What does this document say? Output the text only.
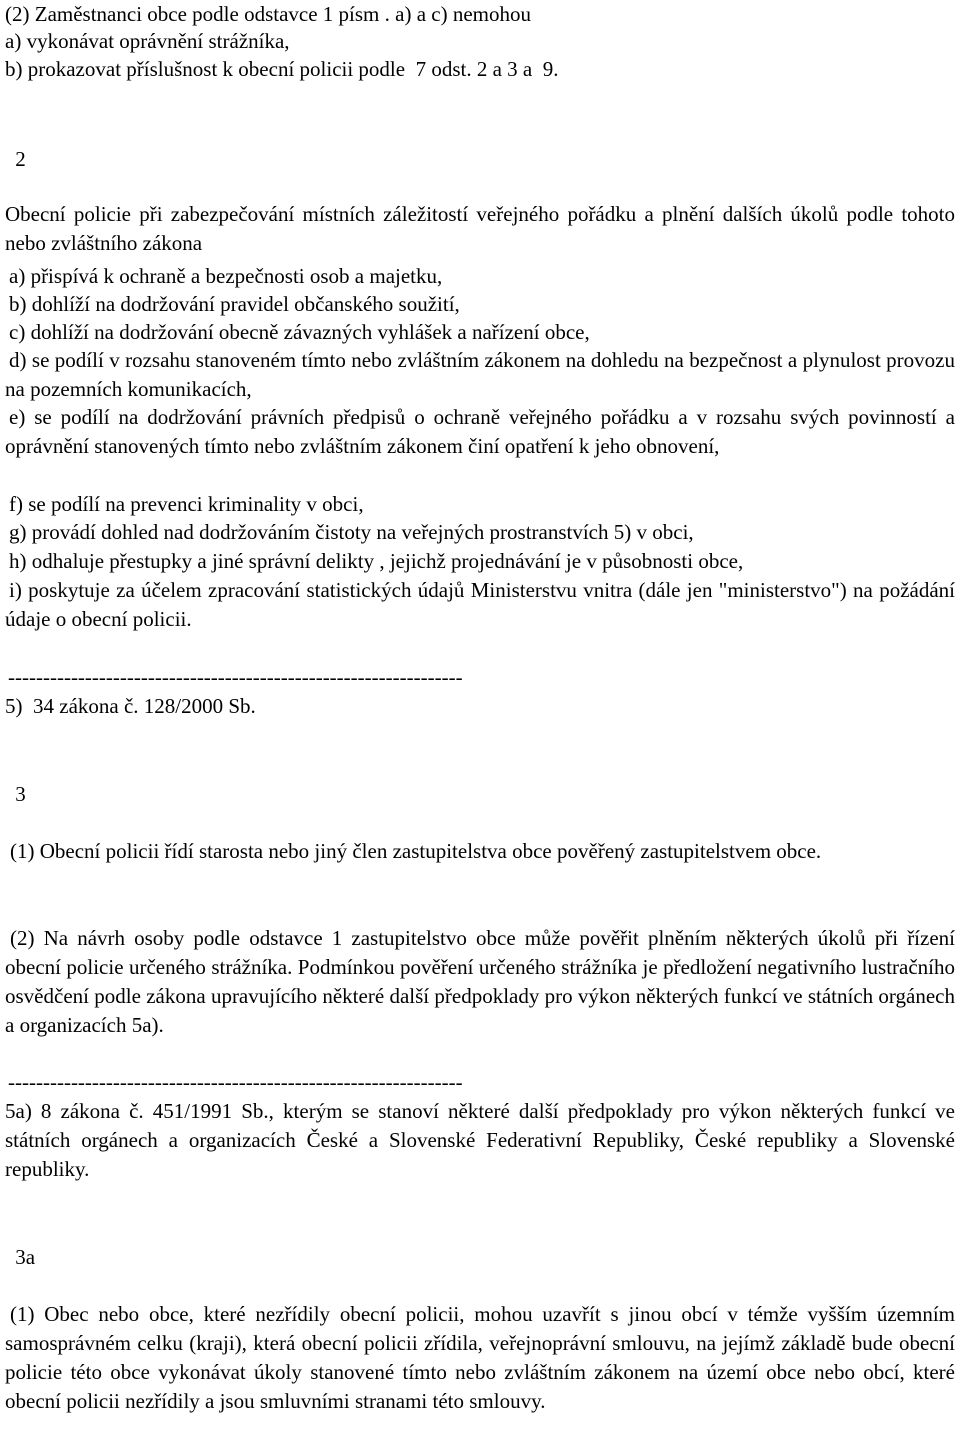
(2) Zaměstnanci obce podle odstavce 1 písm . a) a c) nemohou

a) vykonávat oprávnění strážníka,

b) prokazovat příslušnost k obecní policii podle  7 odst. 2 a 3 a  9.

2

Obecní policie při zabezpečování místních záležitostí veřejného pořádku a plnění dalších úkolů podle tohoto nebo zvláštního zákona

a) přispívá k ochraně a bezpečnosti osob a majetku,

b) dohlíží na dodržování pravidel občanského soužití,

c) dohlíží na dodržování obecně závazných vyhlášek a nařízení obce,

d) se podílí v rozsahu stanoveném tímto nebo zvláštním zákonem na dohledu na bezpečnost a plynulost provozu na pozemních komunikacích,

e) se podílí na dodržování právních předpisů o ochraně veřejného pořádku a v rozsahu svých povinností a oprávnění stanovených tímto nebo zvláštním zákonem činí opatření k jeho obnovení,

f) se podílí na prevenci kriminality v obci,

g) provádí dohled nad dodržováním čistoty na veřejných prostranstvích 5) v obci,

h) odhaluje přestupky a jiné správní delikty , jejichž projednávání je v působnosti obce,

i) poskytuje za účelem zpracování statistických údajů Ministerstvu vnitra (dále jen "ministerstvo") na požádání údaje o obecní policii.

-----------------------------------------------------------------

5)  34 zákona č. 128/2000 Sb.

3

(1) Obecní policii řídí starosta nebo jiný člen zastupitelstva obce pověřený zastupitelstvem obce.

(2) Na návrh osoby podle odstavce 1 zastupitelstvo obce může pověřit plněním některých úkolů při řízení obecní policie určeného strážníka. Podmínkou pověření určeného strážníka je předložení negativního lustračního osvědčení podle zákona upravujícího některé další předpoklady pro výkon některých funkcí ve státních orgánech a organizacích 5a).

-----------------------------------------------------------------

5a) 8 zákona č. 451/1991 Sb., kterým se stanoví některé další předpoklady pro výkon některých funkcí ve státních orgánech a organizacích České a Slovenské Federativní Republiky, České republiky a Slovenské republiky.

3a

(1) Obec nebo obce, které nezřídily obecní policii, mohou uzavřít s jinou obcí v témže vyšším územním samosprávném celku (kraji), která obecní policii zřídila, veřejnoprávní smlouvu, na jejímž základě bude obecní policie této obce vykonávat úkoly stanovené tímto nebo zvláštním zákonem na území obce nebo obcí, které obecní policii nezřídily a jsou smluvními stranami této smlouvy.
